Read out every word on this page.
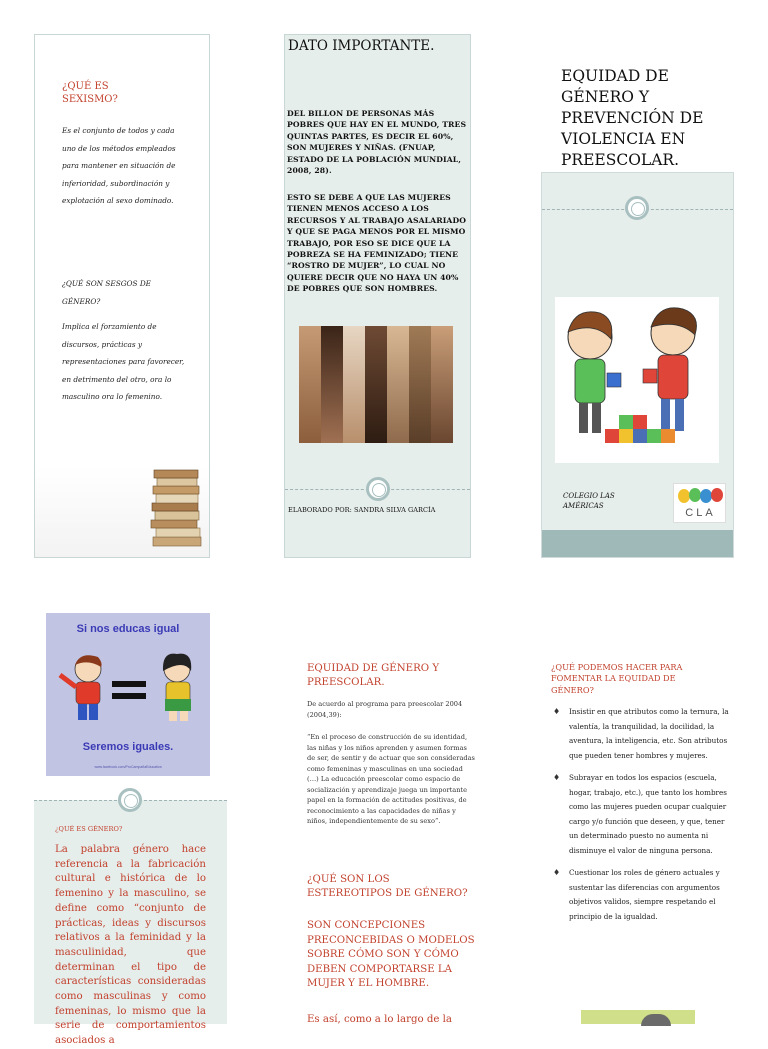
¿QUÉ ES SEXISMO?
Es el conjunto de todos y cada uno de los métodos empleados para mantener en situación de inferioridad, subordinación y explotación al sexo dominado.
¿QUÉ SON SESGOS DE GÉNERO?
Implica el forzamiento de discursos, prácticas y representaciones para favorecer, en detrimento del otro, ora lo masculino ora lo femenino.
DATO IMPORTANTE.
DEL BILLON DE PERSONAS MÁS POBRES QUE HAY EN EL MUNDO, TRES QUINTAS PARTES, ES DECIR EL 60%, SON MUJERES Y NIÑAS. (FNUAP, ESTADO DE LA POBLACIÓN MUNDIAL, 2008, 28).
ESTO SE DEBE A QUE LAS MUJERES TIENEN MENOS ACCESO A LOS RECURSOS Y AL TRABAJO ASALARIADO Y QUE SE PAGA MENOS POR EL MISMO TRABAJO, POR ESO SE DICE QUE LA POBREZA SE HA FEMINIZADO; TIENE “ROSTRO DE MUJER”, LO CUAL NO QUIERE DECIR QUE NO HAYA UN 40% DE POBRES QUE SON HOMBRES.
ELABORADO POR: SANDRA SILVA GARCÍA
EQUIDAD DE GÉNERO Y PREVENCIÓN DE VIOLENCIA EN PREESCOLAR.
COLEGIO LAS AMÉRICAS
CLA
Si nos educas igual
Seremos iguales.
www.facebook.com/ProCampañaEducativa
¿QUÉ ES GÉNERO?
La palabra género hace referencia a la fabricación cultural e histórica de lo femenino y la masculino, se define como “conjunto de prácticas, ideas y discursos relativos a la feminidad y la masculinidad, que determinan el tipo de características consideradas como masculinas y como femeninas, lo mismo que la serie de comportamientos asociados a
EQUIDAD DE GÉNERO Y PREESCOLAR.
De acuerdo al programa para preescolar 2004 (2004,39):
“En el proceso de construcción de su identidad, las niñas y los niños aprenden y asumen formas de ser, de sentir y de actuar que son consideradas como femeninas y masculinas en una sociedad (…) La educación preescolar como espacio de socialización y aprendizaje juega un importante papel en la formación de actitudes positivas, de reconocimiento a las capacidades de niñas y niños, independientemente de su sexo”.
¿QUÉ SON LOS ESTEREOTIPOS DE GÉNERO?
SON CONCEPCIONES PRECONCEBIDAS O MODELOS SOBRE CÓMO SON Y CÓMO DEBEN COMPORTARSE LA MUJER Y EL HOMBRE.
Es así, como a lo largo de la
¿QUÉ PODEMOS HACER PARA FOMENTAR LA EQUIDAD DE GÉNERO?
♦ Insistir en que atributos como la ternura, la valentía, la tranquilidad, la docilidad, la aventura, la inteligencia, etc. Son atributos que pueden tener hombres y mujeres.
♦ Subrayar en todos los espacios (escuela, hogar, trabajo, etc.), que tanto los hombres como las mujeres pueden ocupar cualquier cargo y/o función que deseen, y que, tener un determinado puesto no aumenta ni disminuye el valor de ninguna persona.
♦ Cuestionar los roles de género actuales y sustentar las diferencias con argumentos objetivos validos, siempre respetando el principio de la igualdad.
